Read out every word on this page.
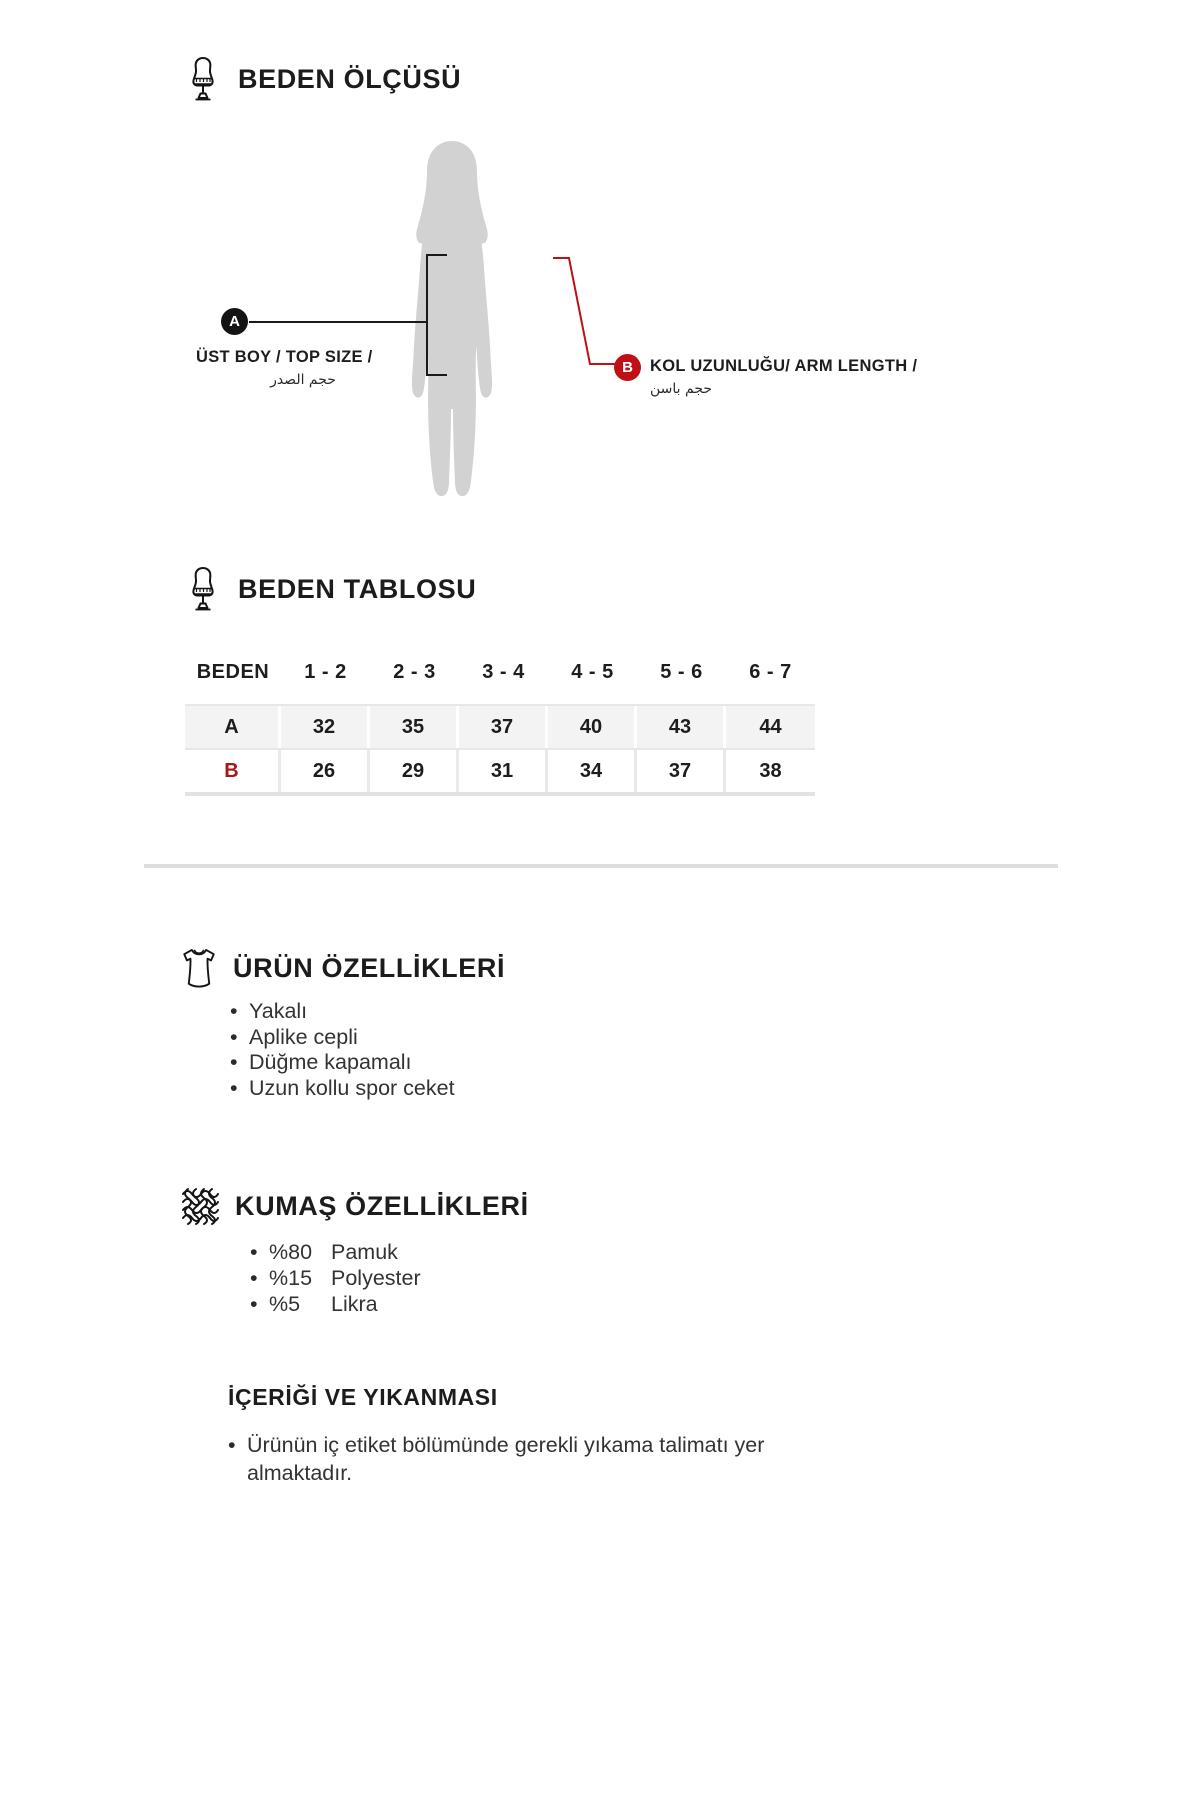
BEDEN ÖLÇÜSÜ
A
B
ÜST BOY / TOP SIZE /
حجم الصدر
KOL UZUNLUĞU/ ARM LENGTH /
حجم باسن
BEDEN TABLOSU
BEDEN	1 - 2	2 - 3	3 - 4	4 - 5	5 - 6	6 - 7
A	32	35	37	40	43	44
B	26	29	31	34	37	38
ÜRÜN ÖZELLİKLERİ
• Yakalı
• Aplike cepli
• Düğme kapamalı
• Uzun kollu spor ceket
KUMAŞ ÖZELLİKLERİ
• %80 Pamuk
• %15 Polyester
• %5 Likra
İÇERİĞİ VE YIKANMASI
• Ürünün iç etiket bölümünde gerekli yıkama talimatı yer almaktadır.
